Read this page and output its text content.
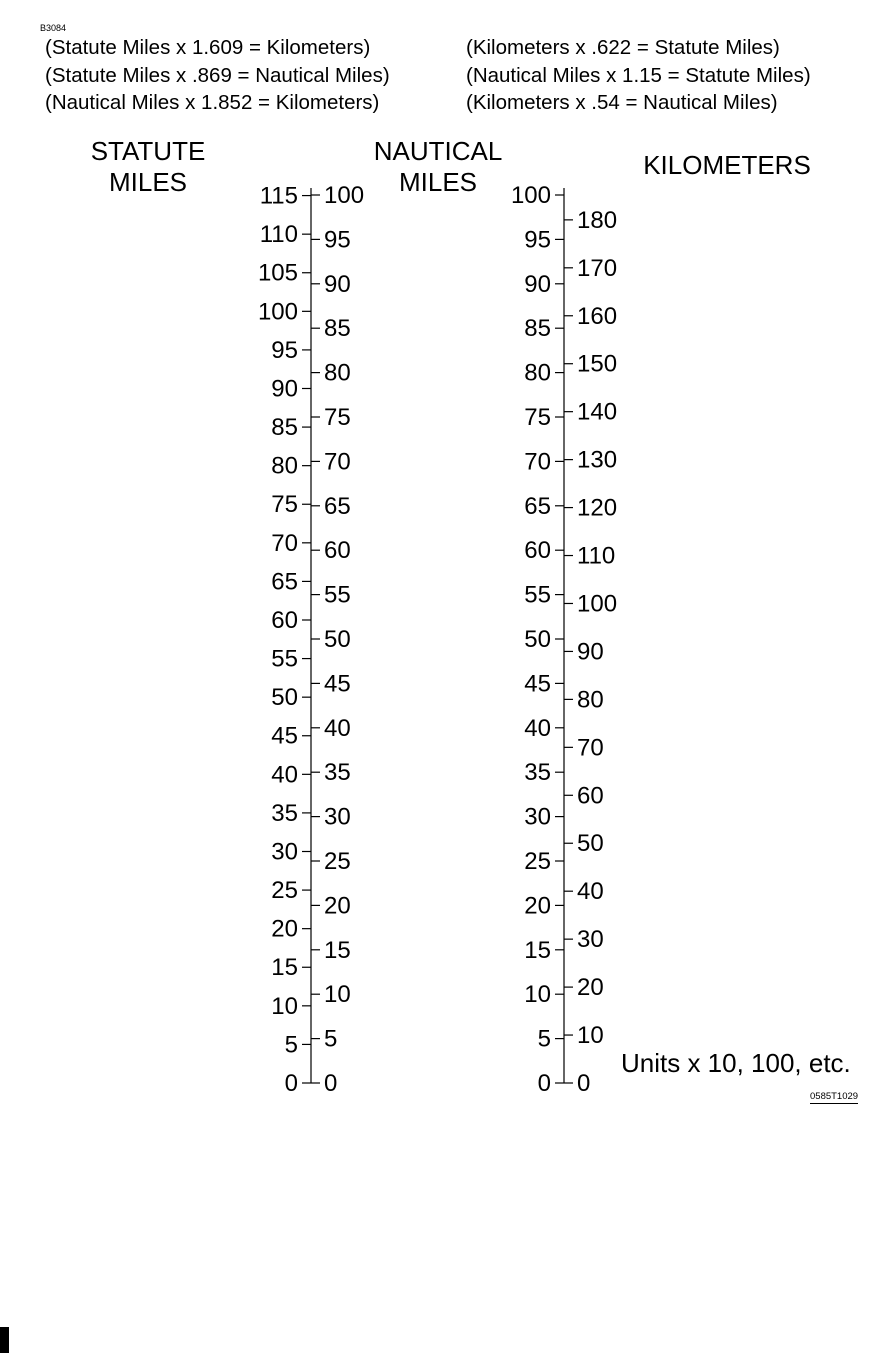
B3084
(Statute Miles x 1.609 = Kilometers)	(Kilometers x .622 = Statute Miles)
(Statute Miles x .869 = Nautical Miles)	(Nautical Miles x 1.15 = Statute Miles)
(Nautical Miles x 1.852 = Kilometers)	(Kilometers x .54 = Nautical Miles)
STATUTE
MILES
NAUTICAL
MILES
KILOMETERS
0
5
10
15
20
25
30
35
40
45
50
55
60
65
70
75
80
85
90
95
100
105
110
115
0
5
10
15
20
25
30
35
40
45
50
55
60
65
70
75
80
85
90
95
100
0
5
10
15
20
25
30
35
40
45
50
55
60
65
70
75
80
85
90
95
100
0
10
20
30
40
50
60
70
80
90
100
110
120
130
140
150
160
170
180
Units x 10, 100, etc.
0585T1029
